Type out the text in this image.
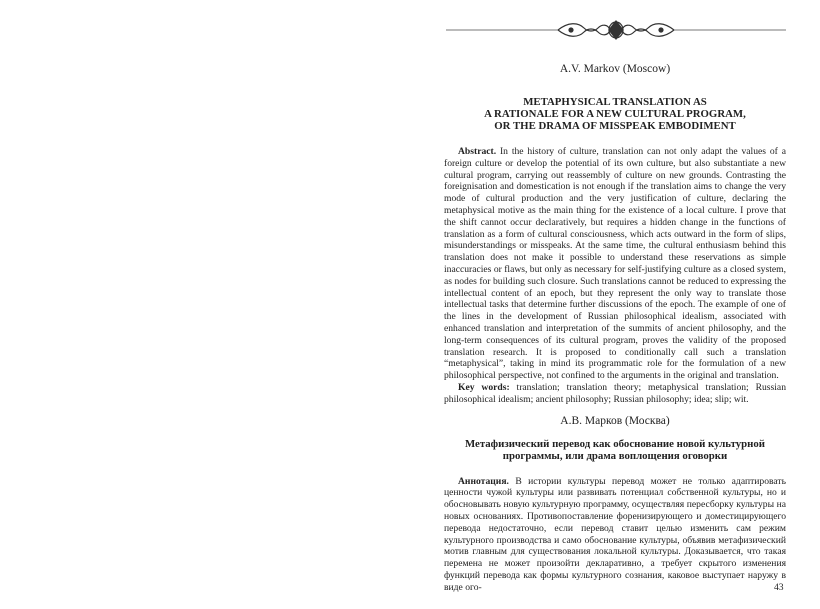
A.V. Markov (Moscow)

METAPHYSICAL TRANSLATION AS
A RATIONALE FOR A NEW CULTURAL PROGRAM,
OR THE DRAMA OF MISSPEAK EMBODIMENT

Abstract. In the history of culture, translation can not only adapt the values of a foreign culture or develop the potential of its own culture, but also substantiate a new cultural program, carrying out reassembly of culture on new grounds. Contrasting the foreignisation and domestication is not enough if the translation aims to change the very mode of cultural production and the very justification of culture, declaring the metaphysical motive as the main thing for the existence of a local culture. I prove that the shift cannot occur declaratively, but requires a hidden change in the functions of translation as a form of cultural consciousness, which acts outward in the form of slips, misunderstandings or misspeaks. At the same time, the cultural enthusiasm behind this translation does not make it possible to understand these reservations as simple inaccuracies or flaws, but only as necessary for self-justifying culture as a closed system, as nodes for building such closure. Such translations cannot be reduced to expressing the intellectual content of an epoch, but they represent the only way to translate those intellectual tasks that determine further discussions of the epoch. The example of one of the lines in the development of Russian philosophical idealism, associated with enhanced translation and interpretation of the summits of ancient philosophy, and the long-term consequences of its cultural program, proves the validity of the proposed translation research. It is proposed to conditionally call such a translation “metaphysical”, taking in mind its programmatic role for the formulation of a new philosophical perspective, not confined to the arguments in the original and translation.

Key words: translation; translation theory; metaphysical translation; Russian philosophical idealism; ancient philosophy; Russian philosophy; idea; slip; wit.

А.В. Марков (Москва)

Метафизический перевод как обоснование новой культурной
программы, или драма воплощения оговорки

Аннотация. В истории культуры перевод может не только адаптировать ценности чужой культуры или развивать потенциал собственной культуры, но и обосновывать новую культурную программу, осуществляя пересборку культуры на новых основаниях. Противопоставление форенизирующего и доместицирующего перевода недостаточно, если перевод ставит целью изменить сам режим культурного производства и само обоснование культуры, объявив метафизический мотив главным для существования локальной культуры. Доказывается, что такая перемена не может произойти декларативно, а требует скрытого изменения функций перевода как формы культурного сознания, каковое выступает наружу в виде ого-	43
